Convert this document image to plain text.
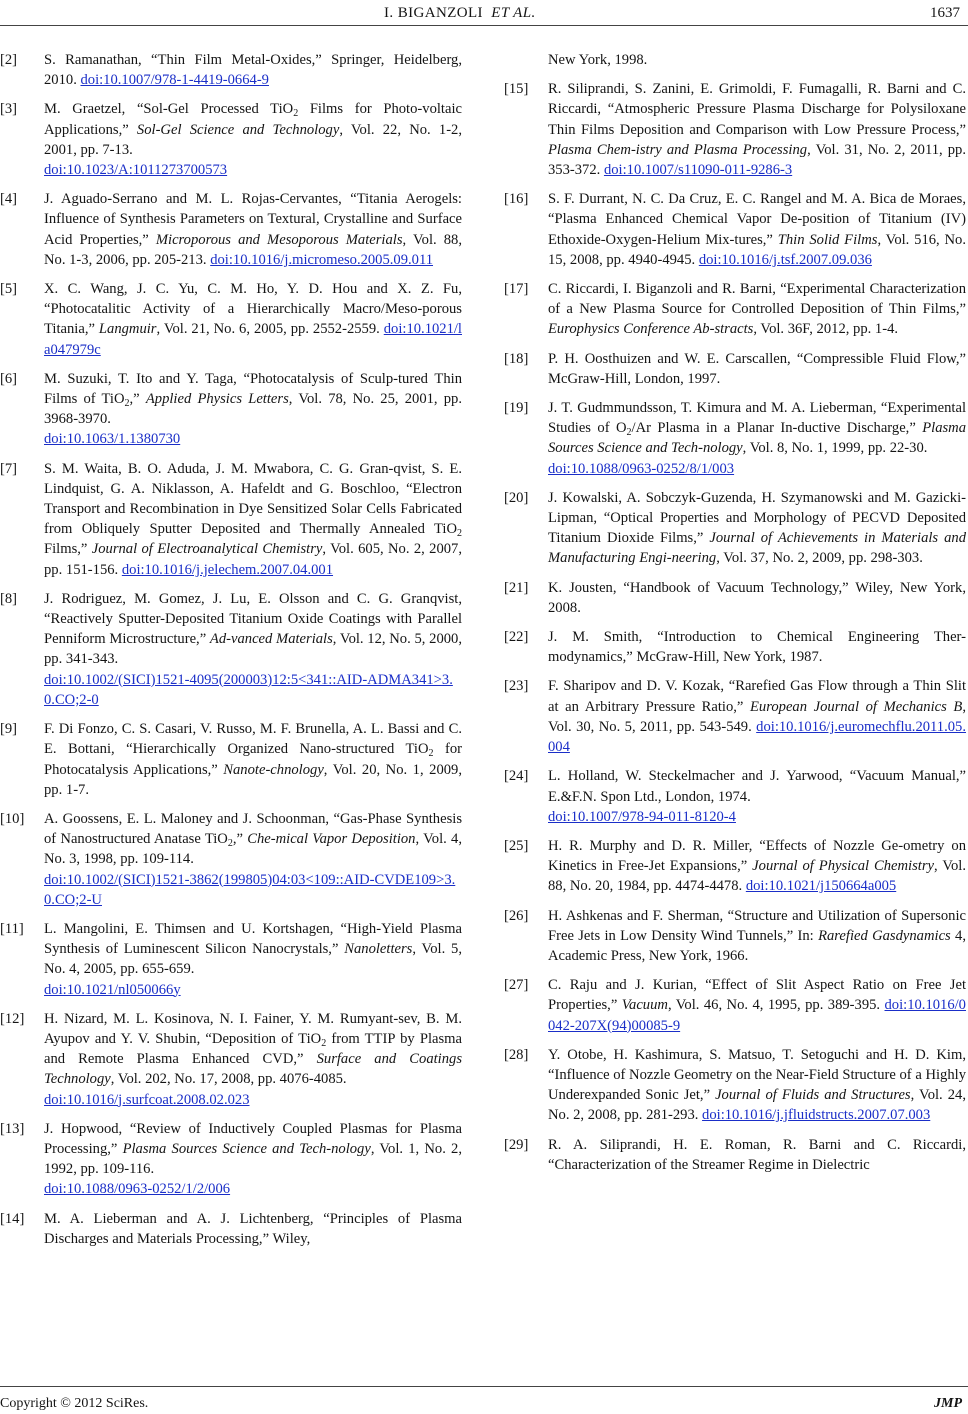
I. BIGANZOLI ET AL.	1637
[2] S. Ramanathan, “Thin Film Metal-Oxides,” Springer, Heidelberg, 2010. doi:10.1007/978-1-4419-0664-9
[3] M. Graetzel, “Sol-Gel Processed TiO$_2$ Films for Photo-voltaic Applications,” Sol-Gel Science and Technology, Vol. 22, No. 1-2, 2001, pp. 7-13.
doi:10.1023/A:1011273700573
[4] J. Aguado-Serrano and M. L. Rojas-Cervantes, “Titania Aerogels: Influence of Synthesis Parameters on Textural, Crystalline and Surface Acid Properties,” Microporous and Mesoporous Materials, Vol. 88, No. 1-3, 2006, pp. 205-213. doi:10.1016/j.micromeso.2005.09.011
[5] X. C. Wang, J. C. Yu, C. M. Ho, Y. D. Hou and X. Z. Fu, “Photocatalitic Activity of a Hierarchically Macro/Meso-porous Titania,” Langmuir, Vol. 21, No. 6, 2005, pp. 2552-2559. doi:10.1021/la047979c
[6] M. Suzuki, T. Ito and Y. Taga, “Photocatalysis of Sculp-tured Thin Films of TiO$_2$,” Applied Physics Letters, Vol. 78, No. 25, 2001, pp. 3968-3970.
doi:10.1063/1.1380730
[7] S. M. Waita, B. O. Aduda, J. M. Mwabora, C. G. Gran-qvist, S. E. Lindquist, G. A. Niklasson, A. Hafeldt and G. Boschloo, “Electron Transport and Recombination in Dye Sensitized Solar Cells Fabricated from Obliquely Sputter Deposited and Thermally Annealed TiO$_2$ Films,” Journal of Electroanalytical Chemistry, Vol. 605, No. 2, 2007, pp. 151-156. doi:10.1016/j.jelechem.2007.04.001
[8] J. Rodriguez, M. Gomez, J. Lu, E. Olsson and C. G. Granqvist, “Reactively Sputter-Deposited Titanium Oxide Coatings with Parallel Penniform Microstructure,” Ad-vanced Materials, Vol. 12, No. 5, 2000, pp. 341-343.
doi:10.1002/(SICI)1521-4095(200003)12:5<341::AID-ADMA341>3.0.CO;2-0
[9] F. Di Fonzo, C. S. Casari, V. Russo, M. F. Brunella, A. L. Bassi and C. E. Bottani, “Hierarchically Organized Nano-structured TiO$_2$ for Photocatalysis Applications,” Nanote-chnology, Vol. 20, No. 1, 2009, pp. 1-7.
[10] A. Goossens, E. L. Maloney and J. Schoonman, “Gas-Phase Synthesis of Nanostructured Anatase TiO$_2$,” Che-mical Vapor Deposition, Vol. 4, No. 3, 1998, pp. 109-114.
doi:10.1002/(SICI)1521-3862(199805)04:03<109::AID-CVDE109>3.0.CO;2-U
[11] L. Mangolini, E. Thimsen and U. Kortshagen, “High-Yield Plasma Synthesis of Luminescent Silicon Nanocrystals,” Nanoletters, Vol. 5, No. 4, 2005, pp. 655-659.
doi:10.1021/nl050066y
[12] H. Nizard, M. L. Kosinova, N. I. Fainer, Y. M. Rumyant-sev, B. M. Ayupov and Y. V. Shubin, “Deposition of TiO$_2$ from TTIP by Plasma and Remote Plasma Enhanced CVD,” Surface and Coatings Technology, Vol. 202, No. 17, 2008, pp. 4076-4085.
doi:10.1016/j.surfcoat.2008.02.023
[13] J. Hopwood, “Review of Inductively Coupled Plasmas for Plasma Processing,” Plasma Sources Science and Tech-nology, Vol. 1, No. 2, 1992, pp. 109-116.
doi:10.1088/0963-0252/1/2/006
[14] M. A. Lieberman and A. J. Lichtenberg, “Principles of Plasma Discharges and Materials Processing,” Wiley,
New York, 1998.
[15] R. Siliprandi, S. Zanini, E. Grimoldi, F. Fumagalli, R. Barni and C. Riccardi, “Atmospheric Pressure Plasma Discharge for Polysiloxane Thin Films Deposition and Comparison with Low Pressure Process,” Plasma Chem-istry and Plasma Processing, Vol. 31, No. 2, 2011, pp. 353-372. doi:10.1007/s11090-011-9286-3
[16] S. F. Durrant, N. C. Da Cruz, E. C. Rangel and M. A. Bica de Moraes, “Plasma Enhanced Chemical Vapor De-position of Titanium (IV) Ethoxide-Oxygen-Helium Mix-tures,” Thin Solid Films, Vol. 516, No. 15, 2008, pp. 4940-4945. doi:10.1016/j.tsf.2007.09.036
[17] C. Riccardi, I. Biganzoli and R. Barni, “Experimental Characterization of a New Plasma Source for Controlled Deposition of Thin Films,” Europhysics Conference Ab-stracts, Vol. 36F, 2012, pp. 1-4.
[18] P. H. Oosthuizen and W. E. Carscallen, “Compressible Fluid Flow,” McGraw-Hill, London, 1997.
[19] J. T. Gudmmundsson, T. Kimura and M. A. Lieberman, “Experimental Studies of $O_2/Ar$ Plasma in a Planar In-ductive Discharge,” Plasma Sources Science and Tech-nology, Vol. 8, No. 1, 1999, pp. 22-30.
doi:10.1088/0963-0252/8/1/003
[20] J. Kowalski, A. Sobczyk-Guzenda, H. Szymanowski and M. Gazicki-Lipman, “Optical Properties and Morphology of PECVD Deposited Titanium Dioxide Films,” Journal of Achievements in Materials and Manufacturing Engi-neering, Vol. 37, No. 2, 2009, pp. 298-303.
[21] K. Jousten, “Handbook of Vacuum Technology,” Wiley, New York, 2008.
[22] J. M. Smith, “Introduction to Chemical Engineering Ther-modynamics,” McGraw-Hill, New York, 1987.
[23] F. Sharipov and D. V. Kozak, “Rarefied Gas Flow through a Thin Slit at an Arbitrary Pressure Ratio,” European Journal of Mechanics B, Vol. 30, No. 5, 2011, pp. 543-549. doi:10.1016/j.euromechflu.2011.05.004
[24] L. Holland, W. Steckelmacher and J. Yarwood, “Vacuum Manual,” E.&F.N. Spon Ltd., London, 1974.
doi:10.1007/978-94-011-8120-4
[25] H. R. Murphy and D. R. Miller, “Effects of Nozzle Ge-ometry on Kinetics in Free-Jet Expansions,” Journal of Physical Chemistry, Vol. 88, No. 20, 1984, pp. 4474-4478. doi:10.1021/j150664a005
[26] H. Ashkenas and F. Sherman, “Structure and Utilization of Supersonic Free Jets in Low Density Wind Tunnels,” In: Rarefied Gasdynamics 4, Academic Press, New York, 1966.
[27] C. Raju and J. Kurian, “Effect of Slit Aspect Ratio on Free Jet Properties,” Vacuum, Vol. 46, No. 4, 1995, pp. 389-395. doi:10.1016/0042-207X(94)00085-9
[28] Y. Otobe, H. Kashimura, S. Matsuo, T. Setoguchi and H. D. Kim, “Influence of Nozzle Geometry on the Near-Field Structure of a Highly Underexpanded Sonic Jet,” Journal of Fluids and Structures, Vol. 24, No. 2, 2008, pp. 281-293. doi:10.1016/j.jfluidstructs.2007.07.003
[29] R. A. Siliprandi, H. E. Roman, R. Barni and C. Riccardi, “Characterization of the Streamer Regime in Dielectric
Copyright © 2012 SciRes.	JMP
